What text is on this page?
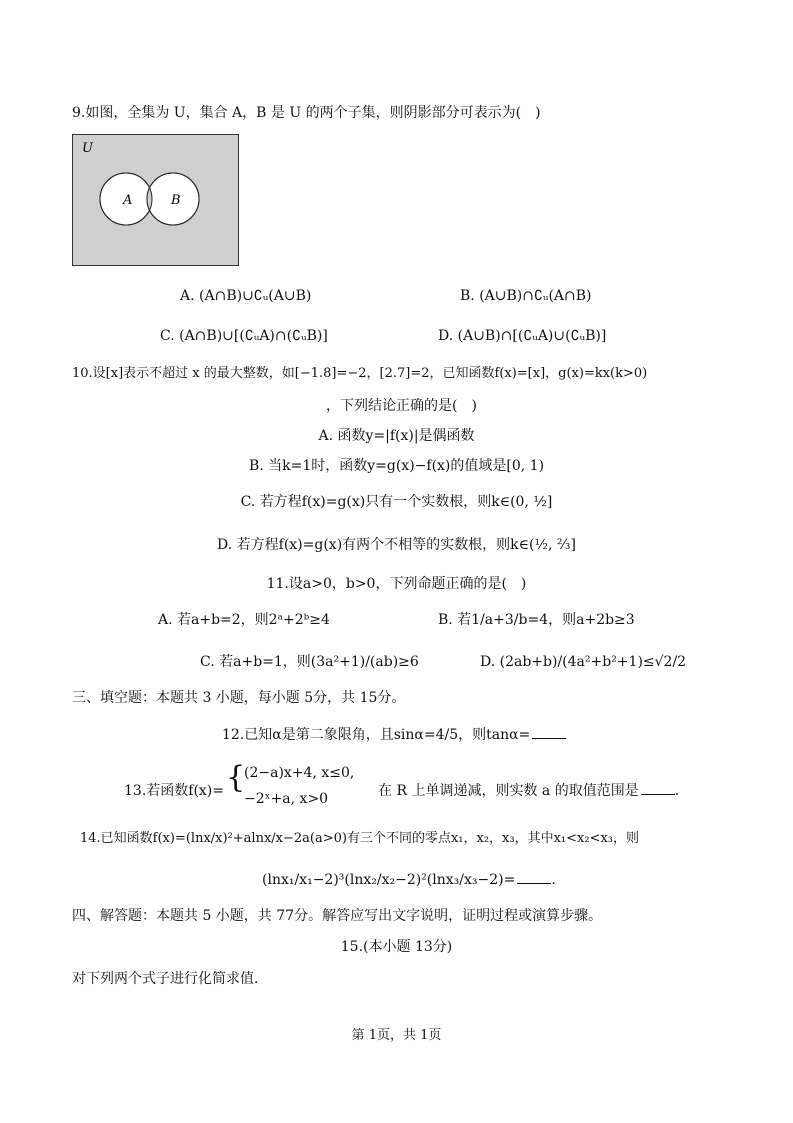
9.如图，全集为 U，集合 A，B 是 U 的两个子集，则阴影部分可表示为(　)
U
A	B
A. (A∩B)∪∁ᵤ(A∪B)	B. (A∪B)∩∁ᵤ(A∩B)
C. (A∩B)∪[(∁ᵤA)∩(∁ᵤB)]	D. (A∪B)∩[(∁ᵤA)∪(∁ᵤB)]
10.设[x]表示不超过 x 的最大整数，如[−1.8]=−2，[2.7]=2，已知函数f(x)=[x]，g(x)=kx(k>0)
，下列结论正确的是(　)
A. 函数y=|f(x)|是偶函数
B. 当k=1时，函数y=g(x)−f(x)的值域是[0, 1)
C. 若方程f(x)=g(x)只有一个实数根，则k∈(0, ½]
D. 若方程f(x)=g(x)有两个不相等的实数根，则k∈(½, ⅔]
11.设a>0，b>0，下列命题正确的是(　)
A. 若a+b=2，则2ᵃ+2ᵇ≥4	B. 若1/a+3/b=4，则a+2b≥3
C. 若a+b=1，则(3a²+1)/(ab)≥6	D. (2ab+b)/(4a²+b²+1)≤√2/2
三、填空题：本题共 3 小题，每小题 5分，共 15分。
12.已知α是第二象限角，且sinα=4/5，则tanα=
13.若函数f(x)= {
(2−a)x+4, x≤0,
−2ˣ+a, x>0	在 R 上单调递减，则实数 a 的取值范围是	.
14.已知函数f(x)=(lnx/x)²+alnx/x−2a(a>0)有三个不同的零点x₁，x₂，x₃，其中x₁<x₂<x₃，则
(lnx₁/x₁−2)³(lnx₂/x₂−2)²(lnx₃/x₃−2)=	.
四、解答题：本题共 5 小题，共 77分。解答应写出文字说明，证明过程或演算步骤。
15.(本小题 13分)
对下列两个式子进行化简求值.
第 1页，共 1页
